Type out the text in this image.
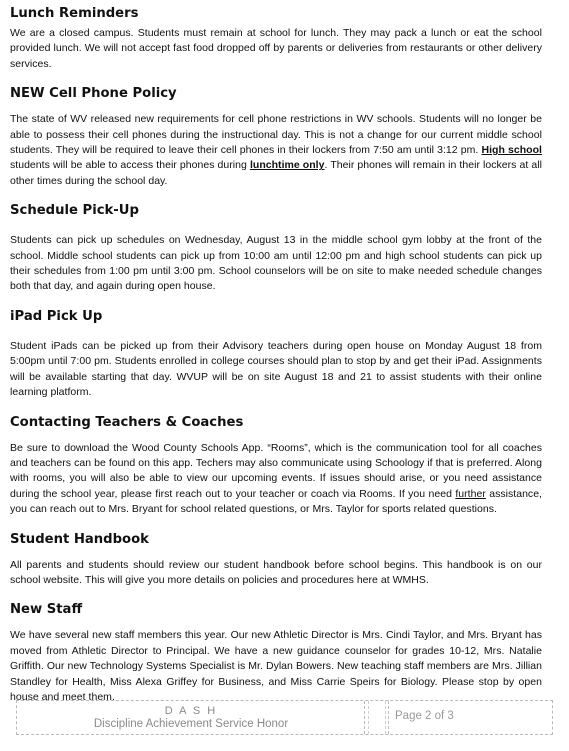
Lunch Reminders

We are a closed campus. Students must remain at school for lunch. They may pack a lunch or eat the school provided lunch. We will not accept fast food dropped off by parents or deliveries from restaurants or other delivery services.

NEW Cell Phone Policy

The state of WV released new requirements for cell phone restrictions in WV schools. Students will no longer be able to possess their cell phones during the instructional day. This is not a change for our current middle school students. They will be required to leave their cell phones in their lockers from 7:50 am until 3:12 pm. High school students will be able to access their phones during lunchtime only. Their phones will remain in their lockers at all other times during the school day.

Schedule Pick-Up

Students can pick up schedules on Wednesday, August 13 in the middle school gym lobby at the front of the school. Middle school students can pick up from 10:00 am until 12:00 pm and high school students can pick up their schedules from 1:00 pm until 3:00 pm. School counselors will be on site to make needed schedule changes both that day, and again during open house.

iPad Pick Up

Student iPads can be picked up from their Advisory teachers during open house on Monday August 18 from 5:00pm until 7:00 pm. Students enrolled in college courses should plan to stop by and get their iPad. Assignments will be available starting that day. WVUP will be on site August 18 and 21 to assist students with their online learning platform.

Contacting Teachers & Coaches

Be sure to download the Wood County Schools App. “Rooms”, which is the communication tool for all coaches and teachers can be found on this app. Techers may also communicate using Schoology if that is preferred. Along with rooms, you will also be able to view our upcoming events. If issues should arise, or you need assistance during the school year, please first reach out to your teacher or coach via Rooms. If you need further assistance, you can reach out to Mrs. Bryant for school related questions, or Mrs. Taylor for sports related questions.

Student Handbook

All parents and students should review our student handbook before school begins. This handbook is on our school website. This will give you more details on policies and procedures here at WMHS.

New Staff

We have several new staff members this year. Our new Athletic Director is Mrs. Cindi Taylor, and Mrs. Bryant has moved from Athletic Director to Principal. We have a new guidance counselor for grades 10-12, Mrs. Natalie Griffith. Our new Technology Systems Specialist is Mr. Dylan Bowers. New teaching staff members are Mrs. Jillian Standley for Health, Miss Alexa Griffey for Business, and Miss Carrie Speirs for Biology. Please stop by open house and meet them.

D A S H
Discipline Achievement Service Honor
Page 2 of 3
